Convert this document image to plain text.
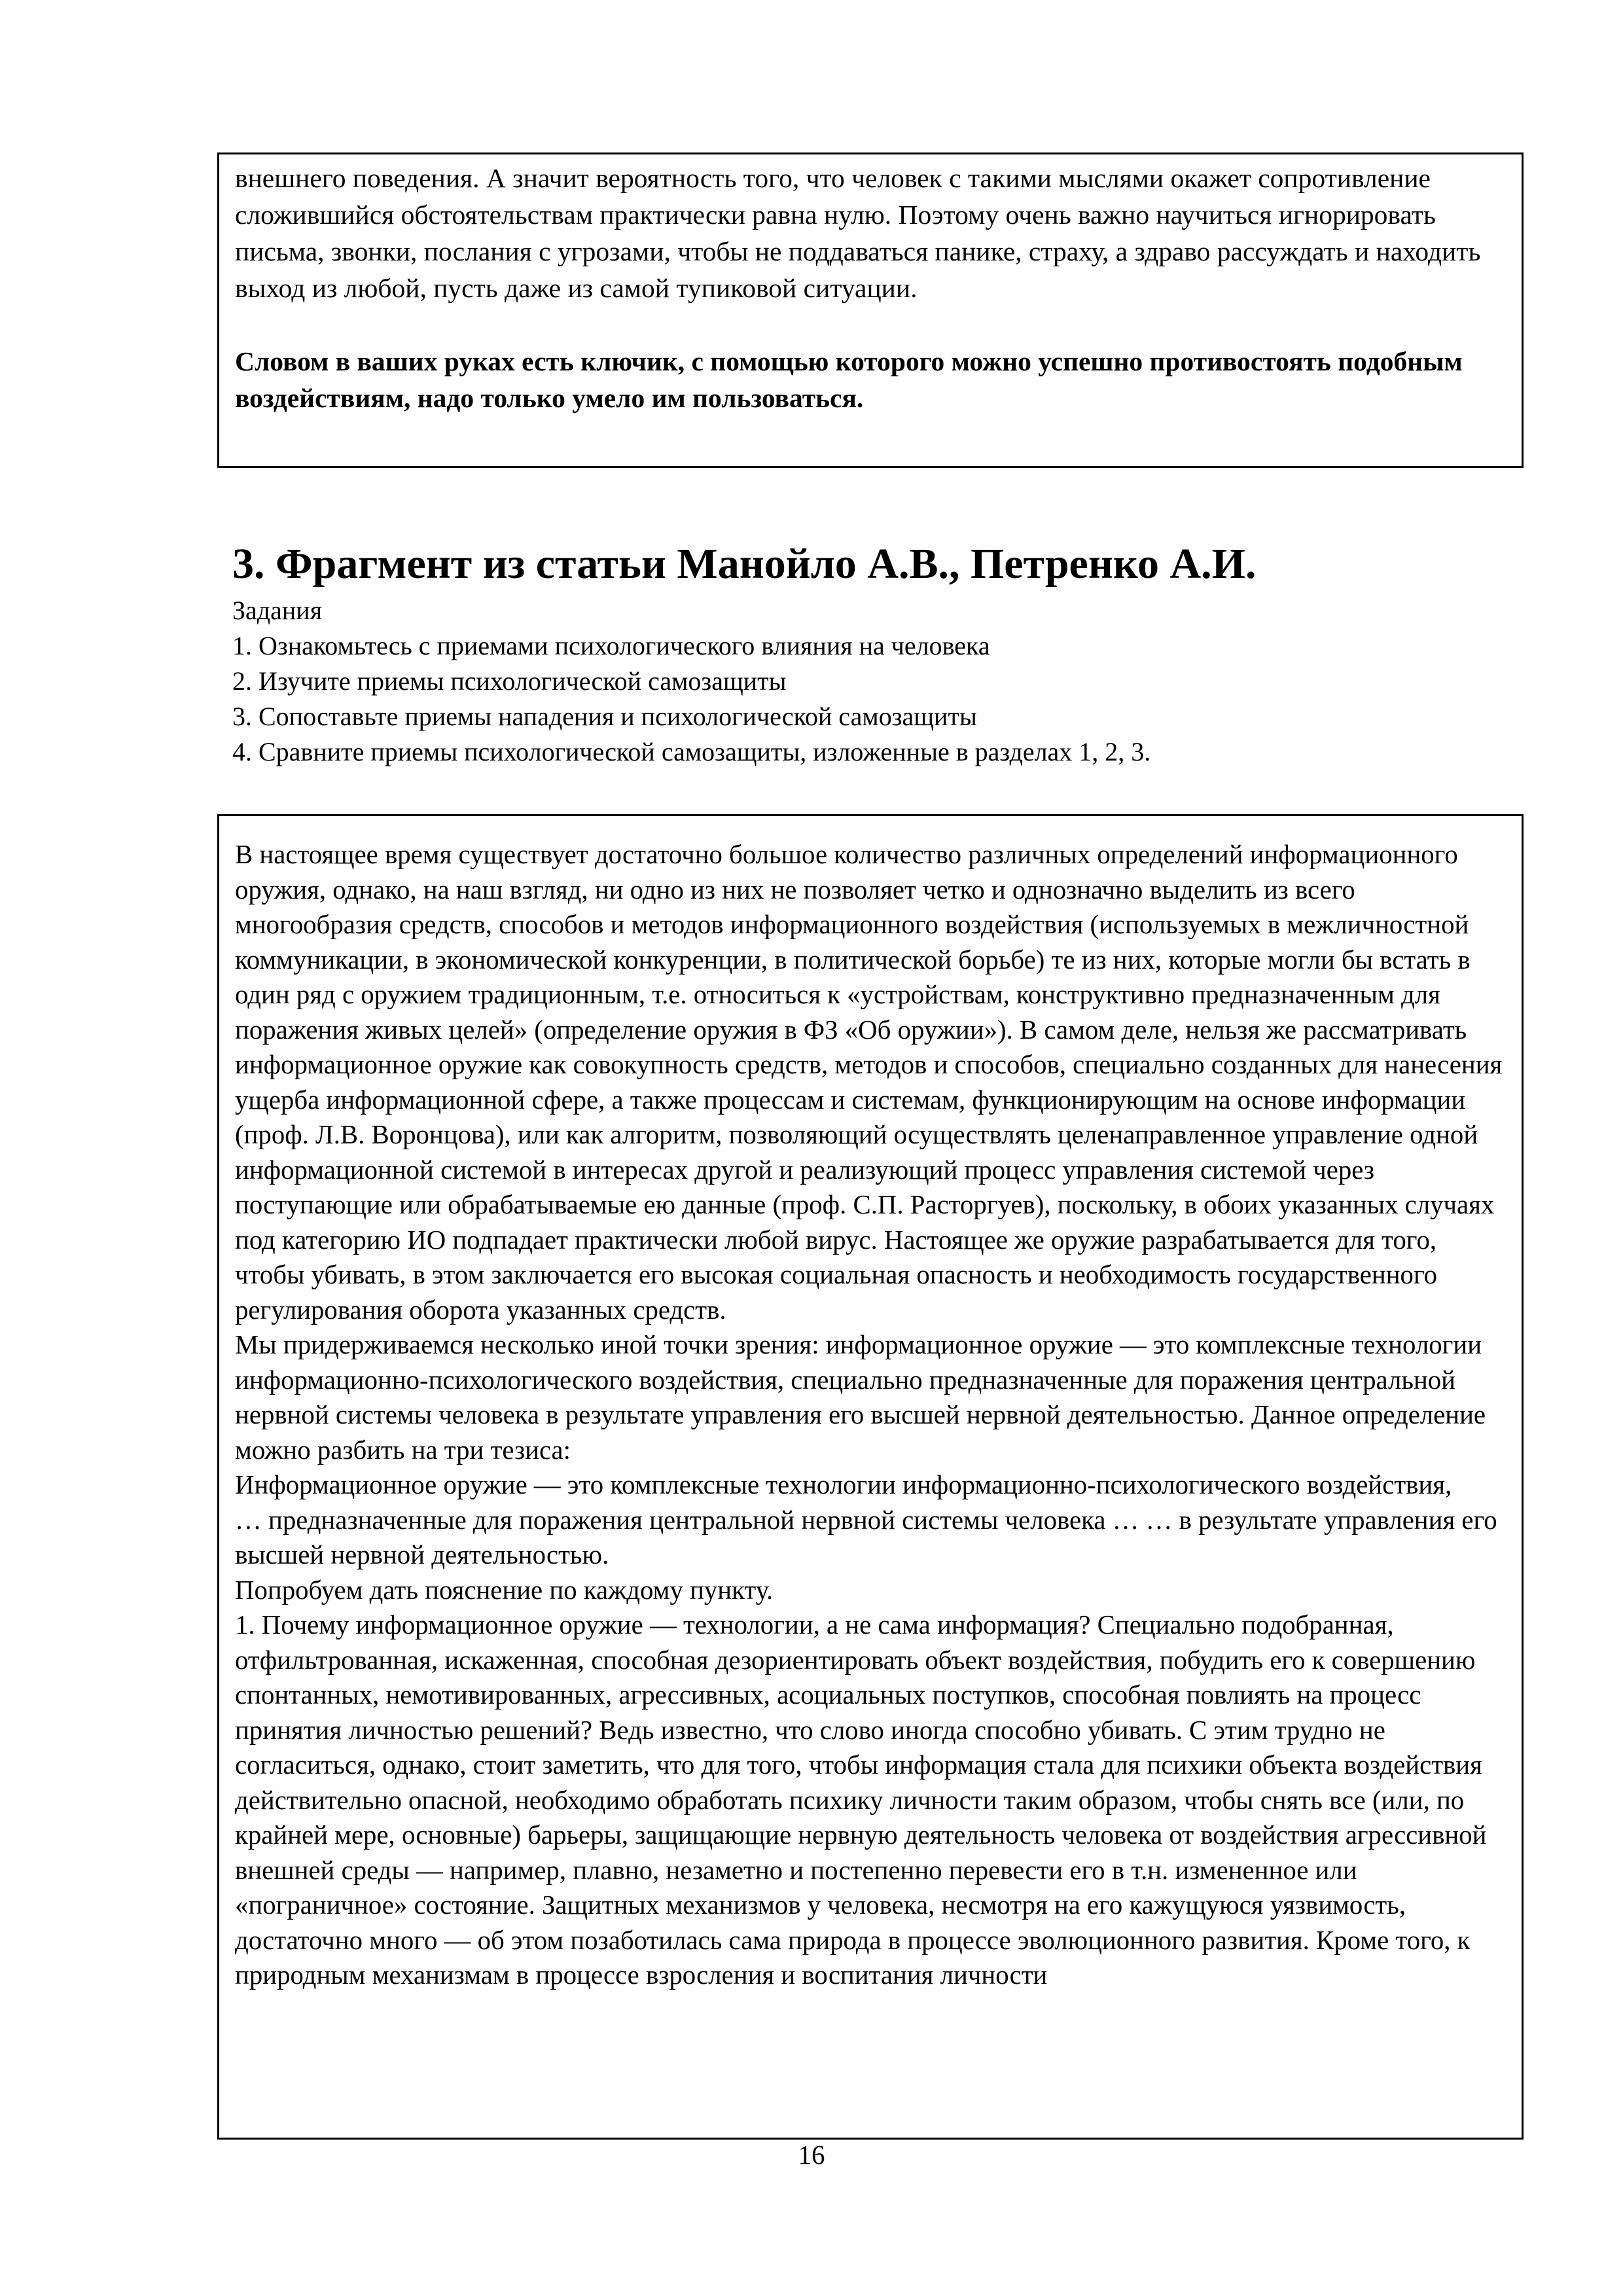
внешнего поведения. А значит вероятность того, что человек с такими мыслями окажет сопротивление сложившийся обстоятельствам практически равна нулю. Поэтому очень важно научиться игнорировать письма, звонки, послания с угрозами, чтобы не поддаваться панике, страху, а здраво рассуждать и находить выход из любой, пусть даже из самой тупиковой ситуации.

Словом в ваших руках есть ключик, с помощью которого можно успешно противостоять подобным воздействиям, надо только умело им пользоваться.

3. Фрагмент из статьи Манойло А.В., Петренко А.И.
Задания
1. Ознакомьтесь с приемами психологического влияния на человека
2. Изучите приемы психологической самозащиты
3. Сопоставьте приемы нападения и психологической самозащиты
4. Сравните приемы психологической самозащиты, изложенные в разделах 1, 2, 3.

В настоящее время существует достаточно большое количество различных определений информационного оружия, однако, на наш взгляд, ни одно из них не позволяет четко и однозначно выделить из всего многообразия средств, способов и методов информационного воздействия (используемых в межличностной коммуникации, в экономической конкуренции, в политической борьбе) те из них, которые могли бы встать в один ряд с оружием традиционным, т.е. относиться к «устройствам, конструктивно предназначенным для поражения живых целей» (определение оружия в ФЗ «Об оружии»). В самом деле, нельзя же рассматривать информационное оружие как совокупность средств, методов и способов, специально созданных для нанесения ущерба информационной сфере, а также процессам и системам, функционирующим на основе информации (проф. Л.В. Воронцова), или как алгоритм, позволяющий осуществлять целенаправленное управление одной информационной системой в интересах другой и реализующий процесс управления системой через поступающие или обрабатываемые ею данные (проф. С.П. Расторгуев), поскольку, в обоих указанных случаях под категорию ИО подпадает практически любой вирус. Настоящее же оружие разрабатывается для того, чтобы убивать, в этом заключается его высокая социальная опасность и необходимость государственного регулирования оборота указанных средств.

Мы придерживаемся несколько иной точки зрения: информационное оружие — это комплексные технологии информационно-психологического воздействия, специально предназначенные для поражения центральной нервной системы человека в результате управления его высшей нервной деятельностью. Данное определение можно разбить на три тезиса:

Информационное оружие — это комплексные технологии информационно-психологического воздействия,

… предназначенные для поражения центральной нервной системы человека … … в результате управления его высшей нервной деятельностью.

Попробуем дать пояснение по каждому пункту.

1. Почему информационное оружие — технологии, а не сама информация? Специально подобранная, отфильтрованная, искаженная, способная дезориентировать объект воздействия, побудить его к совершению спонтанных, немотивированных, агрессивных, асоциальных поступков, способная повлиять на процесс принятия личностью решений? Ведь известно, что слово иногда способно убивать. С этим трудно не согласиться, однако, стоит заметить, что для того, чтобы информация стала для психики объекта воздействия действительно опасной, необходимо обработать психику личности таким образом, чтобы снять все (или, по крайней мере, основные) барьеры, защищающие нервную деятельность человека от воздействия агрессивной внешней среды — например, плавно, незаметно и постепенно перевести его в т.н. измененное или «пограничное» состояние. Защитных механизмов у человека, несмотря на его кажущуюся уязвимость, достаточно много — об этом позаботилась сама природа в процессе эволюционного развития. Кроме того, к природным механизмам в процессе взросления и воспитания личности

16
